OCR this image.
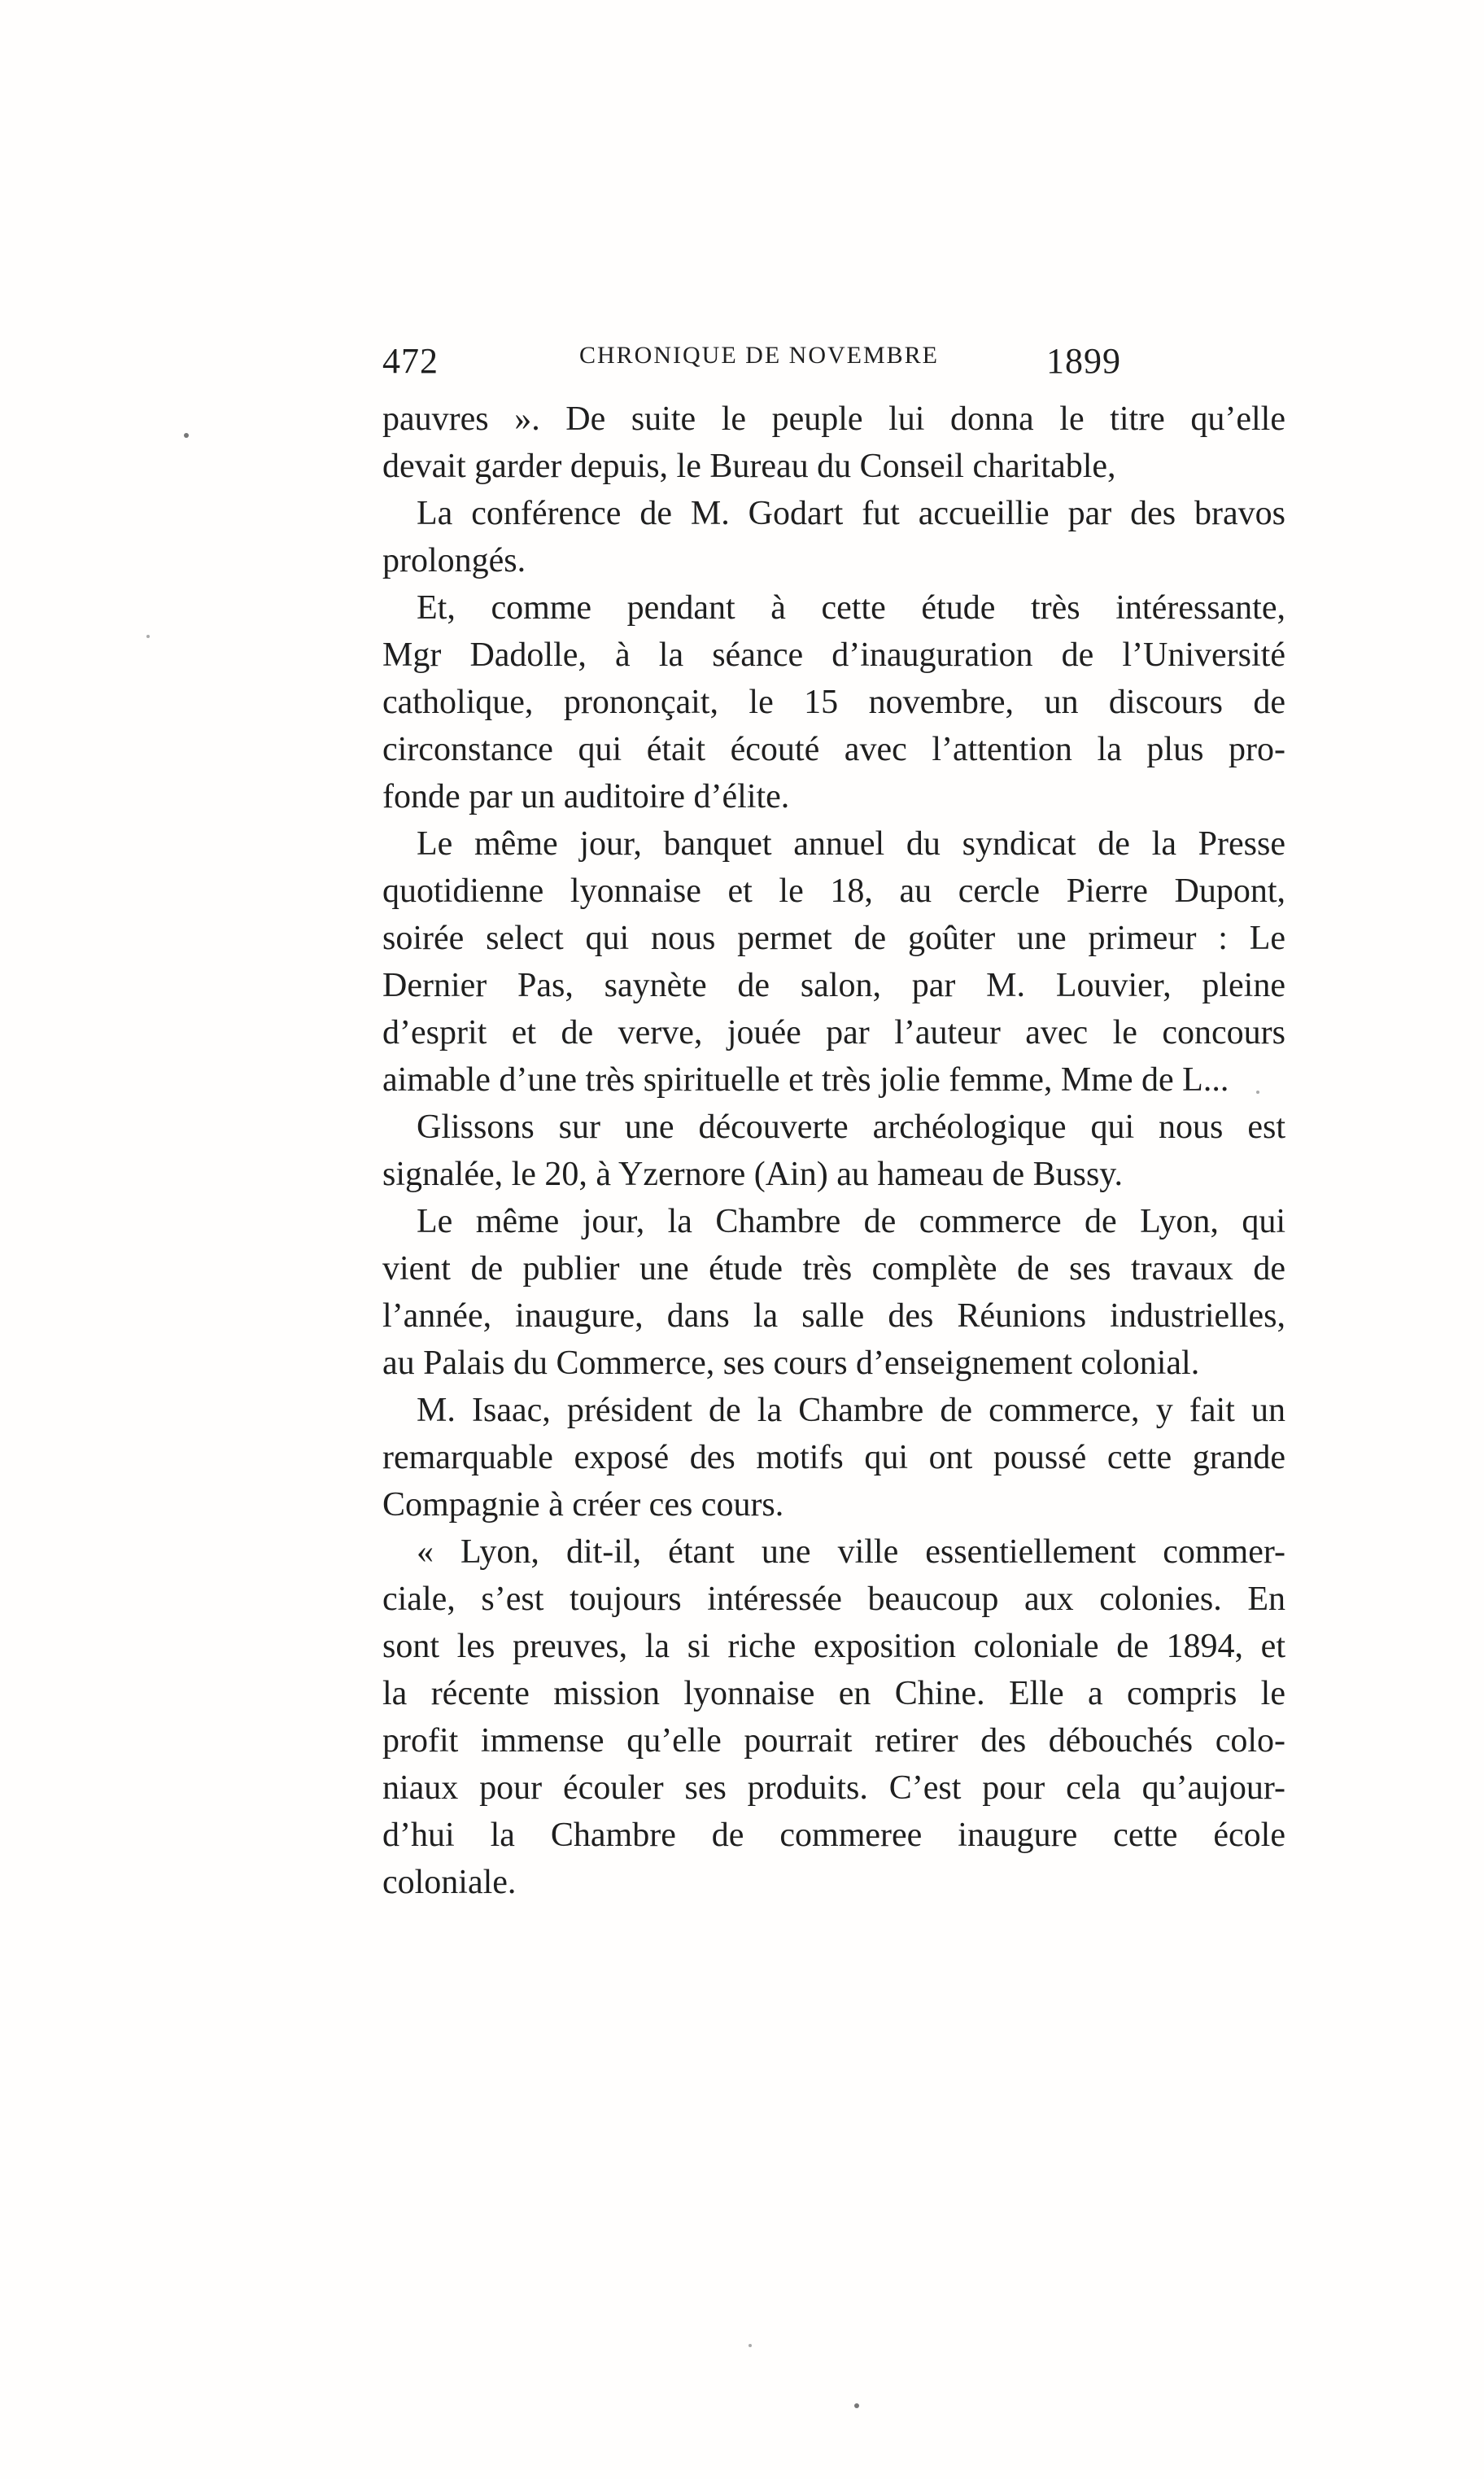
472	CHRONIQUE DE NOVEMBRE	1899
pauvres ». De suite le peuple lui donna le titre qu’elle
devait garder depuis, le Bureau du Conseil charitable,
La conférence de M. Godart fut accueillie par des bravos
prolongés.
Et, comme pendant à cette étude très intéressante,
Mgr Dadolle, à la séance d’inauguration de l’Université
catholique, prononçait, le 15 novembre, un discours de
circonstance qui était écouté avec l’attention la plus pro-
fonde par un auditoire d’élite.
Le même jour, banquet annuel du syndicat de la Presse
quotidienne lyonnaise et le 18, au cercle Pierre Dupont,
soirée select qui nous permet de goûter une primeur : Le
Dernier Pas, saynète de salon, par M. Louvier, pleine
d’esprit et de verve, jouée par l’auteur avec le concours
aimable d’une très spirituelle et très jolie femme, Mme de L...
Glissons sur une découverte archéologique qui nous est
signalée, le 20, à Yzernore (Ain) au hameau de Bussy.
Le même jour, la Chambre de commerce de Lyon, qui
vient de publier une étude très complète de ses travaux de
l’année, inaugure, dans la salle des Réunions industrielles,
au Palais du Commerce, ses cours d’enseignement colonial.
M. Isaac, président de la Chambre de commerce, y fait un
remarquable exposé des motifs qui ont poussé cette grande
Compagnie à créer ces cours.
« Lyon, dit-il, étant une ville essentiellement commer-
ciale, s’est toujours intéressée beaucoup aux colonies. En
sont les preuves, la si riche exposition coloniale de 1894, et
la récente mission lyonnaise en Chine. Elle a compris le
profit immense qu’elle pourrait retirer des débouchés colo-
niaux pour écouler ses produits. C’est pour cela qu’aujour-
d’hui la Chambre de commeree inaugure cette école
coloniale.
